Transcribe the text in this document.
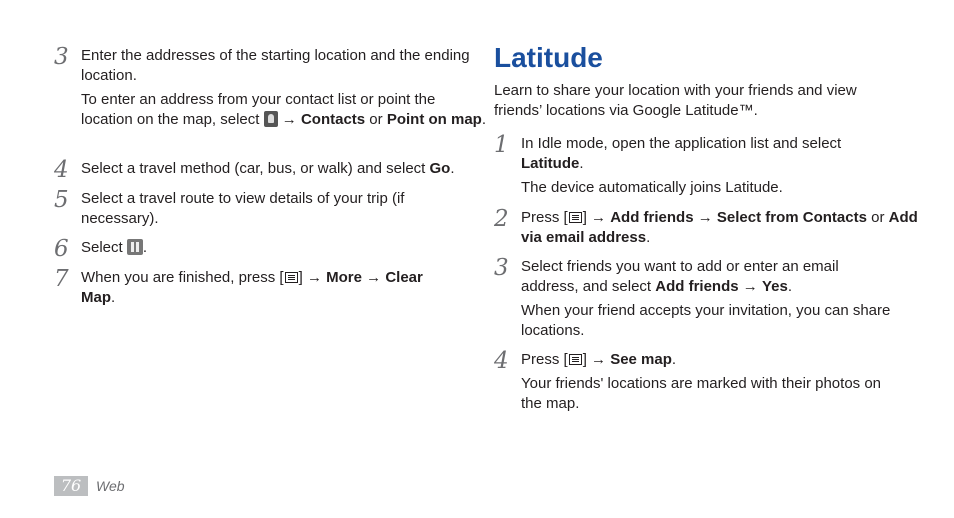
3 Enter the addresses of the starting location and the ending location.
To enter an address from your contact list or point the location on the map, select  → Contacts or Point on map.
4 Select a travel method (car, bus, or walk) and select Go.
5 Select a travel route to view details of your trip (if necessary).
6 Select .
7 When you are finished, press [ ] → More → Clear Map.
Latitude
Learn to share your location with your friends and view friends’ locations via Google Latitude™.
1 In Idle mode, open the application list and select Latitude.
The device automatically joins Latitude.
2 Press [ ] → Add friends → Select from Contacts or Add via email address.
3 Select friends you want to add or enter an email address, and select Add friends → Yes.
When your friend accepts your invitation, you can share locations.
4 Press [ ] → See map.
Your friends' locations are marked with their photos on the map.
76	Web
